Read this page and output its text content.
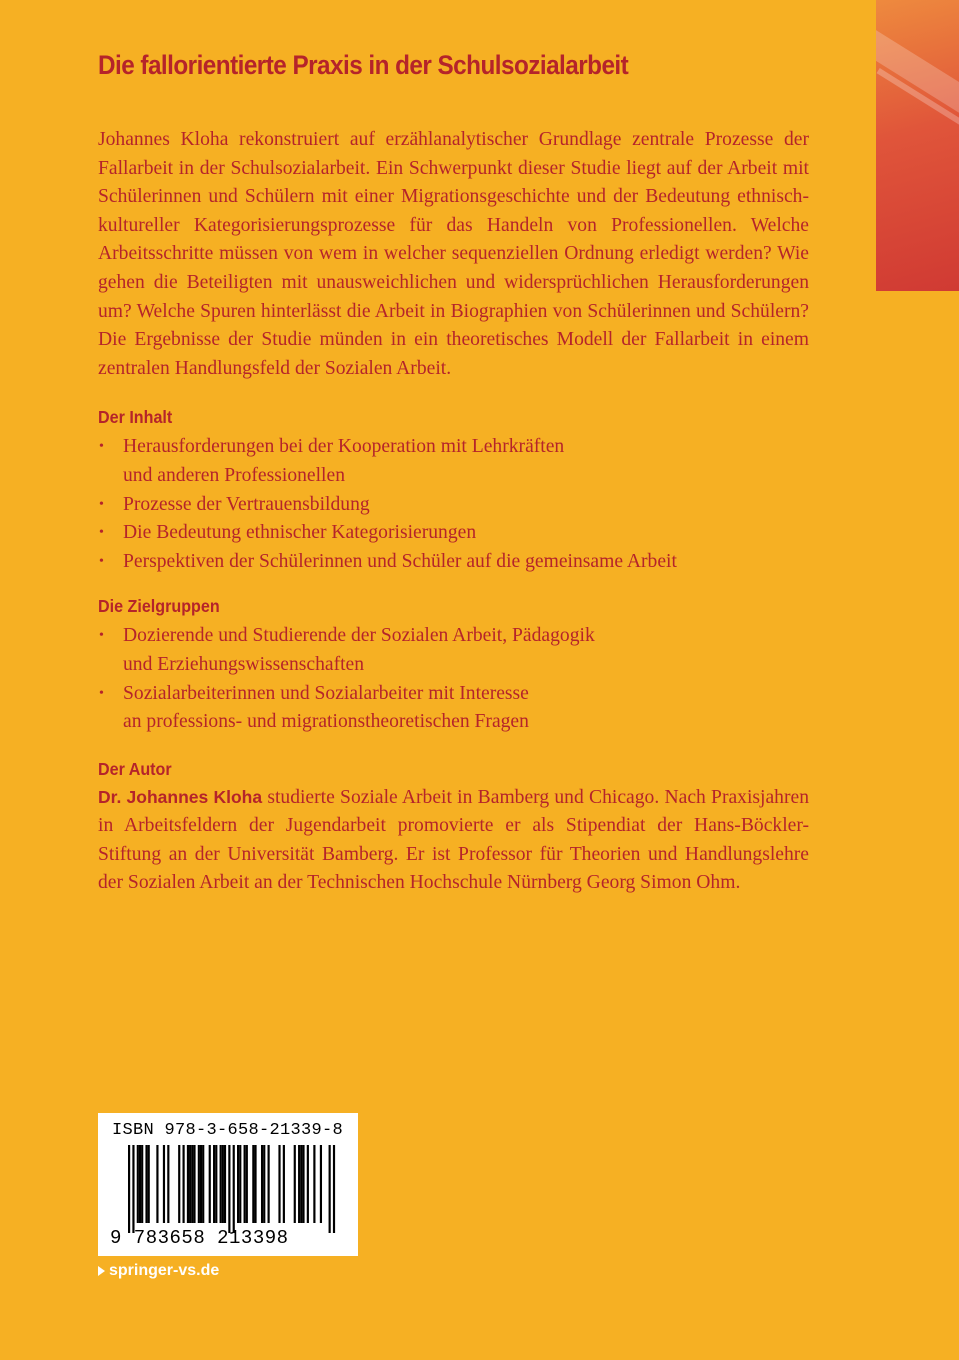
Die fallorientierte Praxis in der Schulsozialarbeit

Johannes Kloha rekonstruiert auf erzählanalytischer Grundlage zentrale Prozesse der Fallarbeit in der Schulsozialarbeit. Ein Schwerpunkt dieser Studie liegt auf der Arbeit mit Schülerinnen und Schülern mit einer Migrationsgeschichte und der Bedeutung ethnisch-kultureller Kategorisierungsprozesse für das Handeln von Professionellen. Welche Arbeitsschritte müssen von wem in welcher sequenziellen Ordnung erledigt werden? Wie gehen die Beteiligten mit unausweichlichen und widersprüchlichen Herausforderungen um? Welche Spuren hinterlässt die Arbeit in Biographien von Schülerinnen und Schülern? Die Ergebnisse der Studie münden in ein theoretisches Modell der Fallarbeit in einem zentralen Handlungsfeld der Sozialen Arbeit.

Der Inhalt
• Herausforderungen bei der Kooperation mit Lehrkräften
und anderen Professionellen
• Prozesse der Vertrauensbildung
• Die Bedeutung ethnischer Kategorisierungen
• Perspektiven der Schülerinnen und Schüler auf die gemeinsame Arbeit
Die Zielgruppen
• Dozierende und Studierende der Sozialen Arbeit, Pädagogik
und Erziehungswissenschaften
• Sozialarbeiterinnen und Sozialarbeiter mit Interesse
an professions- und migrationstheoretischen Fragen
Der Autor

Dr. Johannes Kloha studierte Soziale Arbeit in Bamberg und Chicago. Nach Praxisjahren in Arbeitsfeldern der Jugendarbeit promovierte er als Stipendiat der Hans-Böckler-Stiftung an der Universität Bamberg. Er ist Professor für Theorien und Handlungslehre der Sozialen Arbeit an der Technischen Hochschule Nürnberg Georg Simon Ohm.

ISBN 978-3-658-21339-8
9 783658 213398
springer-vs.de
